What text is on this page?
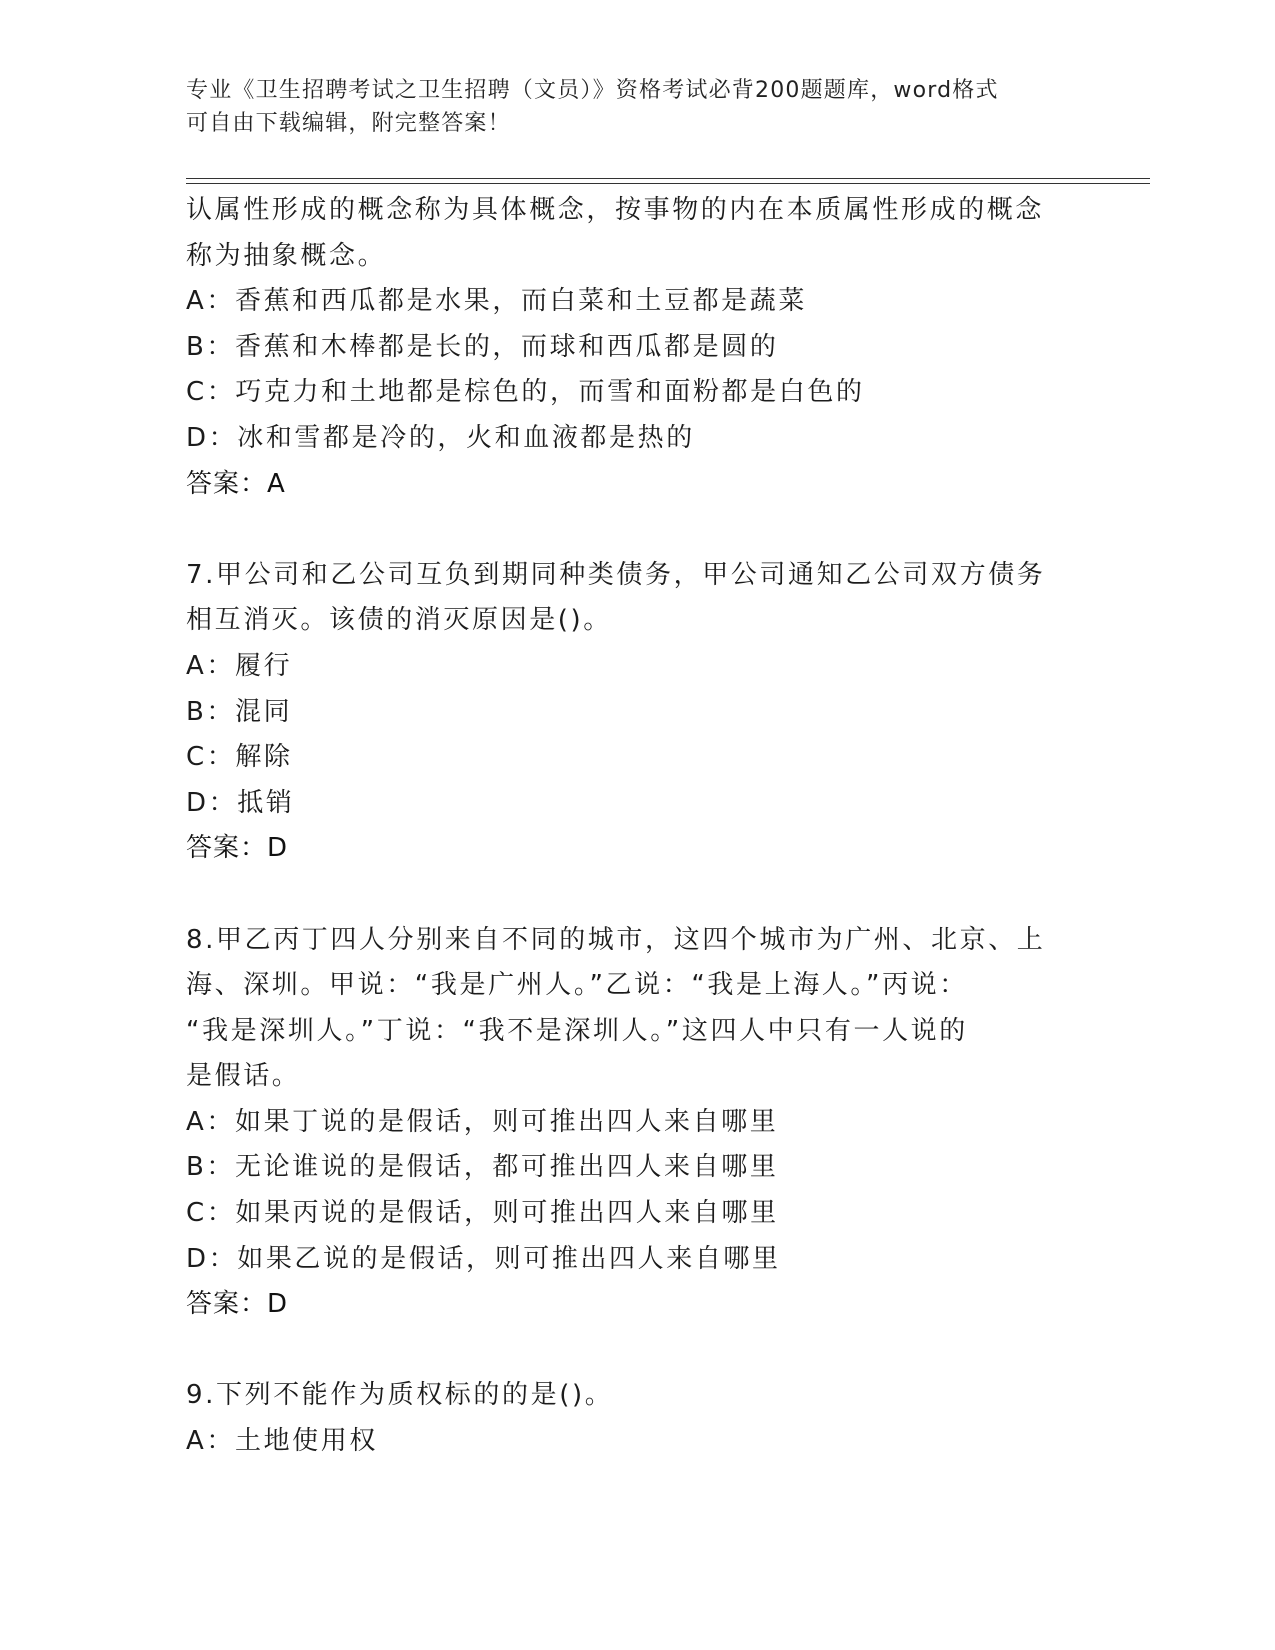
专业《卫生招聘考试之卫生招聘（文员）》资格考试必背200题题库，word格式
可自由下载编辑，附完整答案！
认属性形成的概念称为具体概念，按事物的内在本质属性形成的概念
称为抽象概念。
A：香蕉和西瓜都是水果，而白菜和土豆都是蔬菜
B：香蕉和木棒都是长的，而球和西瓜都是圆的
C：巧克力和土地都是棕色的，而雪和面粉都是白色的
D：冰和雪都是冷的，火和血液都是热的
答案：A
7.甲公司和乙公司互负到期同种类债务，甲公司通知乙公司双方债务
相互消灭。该债的消灭原因是()。
A：履行
B：混同
C：解除
D：抵销
答案：D
8.甲乙丙丁四人分别来自不同的城市，这四个城市为广州、北京、上
海、深圳。甲说：“我是广州人。”乙说：“我是上海人。”丙说：
“我是深圳人。”丁说：“我不是深圳人。”这四人中只有一人说的
是假话。
A：如果丁说的是假话，则可推出四人来自哪里
B：无论谁说的是假话，都可推出四人来自哪里
C：如果丙说的是假话，则可推出四人来自哪里
D：如果乙说的是假话，则可推出四人来自哪里
答案：D
9.下列不能作为质权标的的是()。
A：土地使用权
